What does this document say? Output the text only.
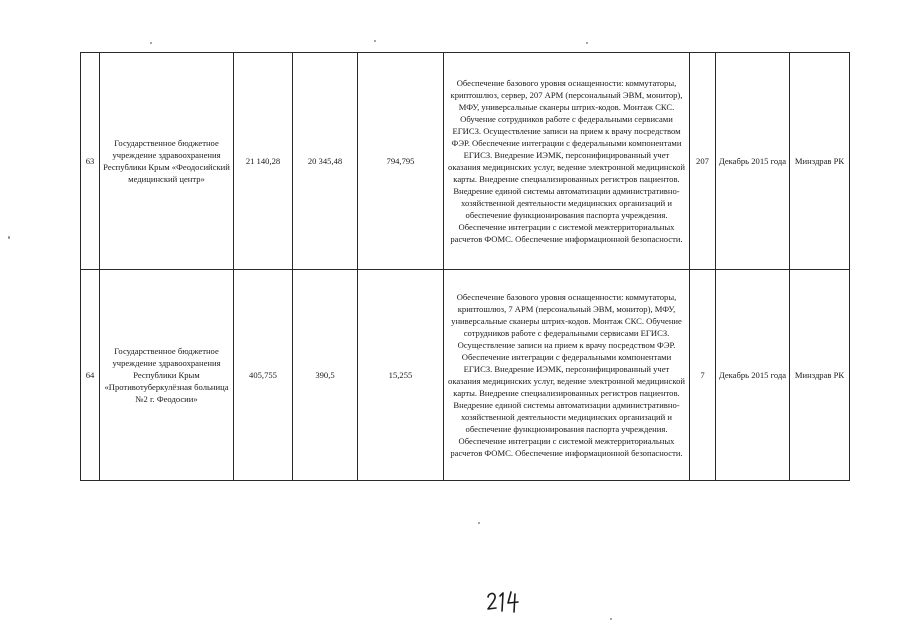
63	Государственное бюджетное учреждение здравоохранения Республики Крым «Феодосийский медицинский центр»	21 140,28	20 345,48	794,795	Обеспечение базового уровня оснащенности: коммутаторы, криптошлюз, сервер, 207 АРМ (персональный ЭВМ, монитор), МФУ, универсальные сканеры штрих-кодов. Монтаж СКС. Обучение сотрудников работе с федеральными сервисами ЕГИСЗ. Осуществление записи на прием к врачу посредством ФЭР. Обеспечение интеграции с федеральными компонентами ЕГИСЗ. Внедрение ИЭМК, персонифицированный учет оказания медицинских услуг, ведение электронной медицинской карты. Внедрение специализированных регистров пациентов. Внедрение единой системы автоматизации административно-хозяйственной деятельности медицинских организаций и обеспечение функционирования паспорта учреждения. Обеспечение интеграции с системой межтерриториальных расчетов ФОМС. Обеспечение информационной безопасности.	207	Декабрь 2015 года	Минздрав РК
64	Государственное бюджетное учреждение здравоохранения Республики Крым «Противотуберкулёзная больница №2 г. Феодосии»	405,755	390,5	15,255	Обеспечение базового уровня оснащенности: коммутаторы, криптошлюз, 7 АРМ (персональный ЭВМ, монитор), МФУ, универсальные сканеры штрих-кодов. Монтаж СКС. Обучение сотрудников работе с федеральными сервисами ЕГИСЗ. Осуществление записи на прием к врачу посредством ФЭР. Обеспечение интеграции с федеральными компонентами ЕГИСЗ. Внедрение ИЭМК, персонифицированный учет оказания медицинских услуг, ведение электронной медицинской карты. Внедрение специализированных регистров пациентов. Внедрение единой системы автоматизации административно-хозяйственной деятельности медицинских организаций и обеспечение функционирования паспорта учреждения. Обеспечение интеграции с системой межтерриториальных расчетов ФОМС. Обеспечение информационной безопасности.	7	Декабрь 2015 года	Минздрав РК
